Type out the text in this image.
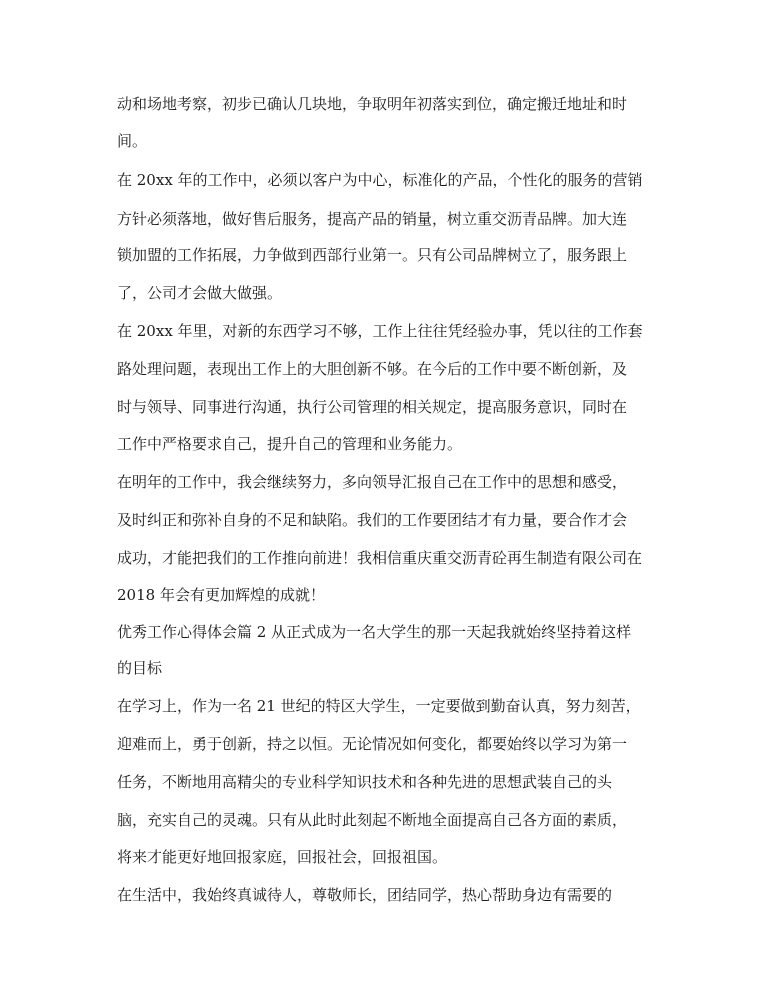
动和场地考察，初步已确认几块地，争取明年初落实到位，确定搬迁地址和时
间。
在 20xx 年的工作中，必须以客户为中心，标准化的产品，个性化的服务的营销
方针必须落地，做好售后服务，提高产品的销量，树立重交沥青品牌。加大连
锁加盟的工作拓展，力争做到西部行业第一。只有公司品牌树立了，服务跟上
了，公司才会做大做强。
在 20xx 年里，对新的东西学习不够，工作上往往凭经验办事，凭以往的工作套
路处理问题，表现出工作上的大胆创新不够。在今后的工作中要不断创新，及
时与领导、同事进行沟通，执行公司管理的相关规定，提高服务意识，同时在
工作中严格要求自己，提升自己的管理和业务能力。
在明年的工作中，我会继续努力，多向领导汇报自己在工作中的思想和感受，
及时纠正和弥补自身的不足和缺陷。我们的工作要团结才有力量，要合作才会
成功，才能把我们的工作推向前进！我相信重庆重交沥青砼再生制造有限公司在
2018 年会有更加辉煌的成就！
优秀工作心得体会篇 2 从正式成为一名大学生的那一天起我就始终坚持着这样
的目标
在学习上，作为一名 21 世纪的特区大学生，一定要做到勤奋认真，努力刻苦，
迎难而上，勇于创新，持之以恒。无论情况如何变化，都要始终以学习为第一
任务，不断地用高精尖的专业科学知识技术和各种先进的思想武装自己的头
脑，充实自己的灵魂。只有从此时此刻起不断地全面提高自己各方面的素质，
将来才能更好地回报家庭，回报社会，回报祖国。
在生活中，我始终真诚待人，尊敬师长，团结同学，热心帮助身边有需要的
